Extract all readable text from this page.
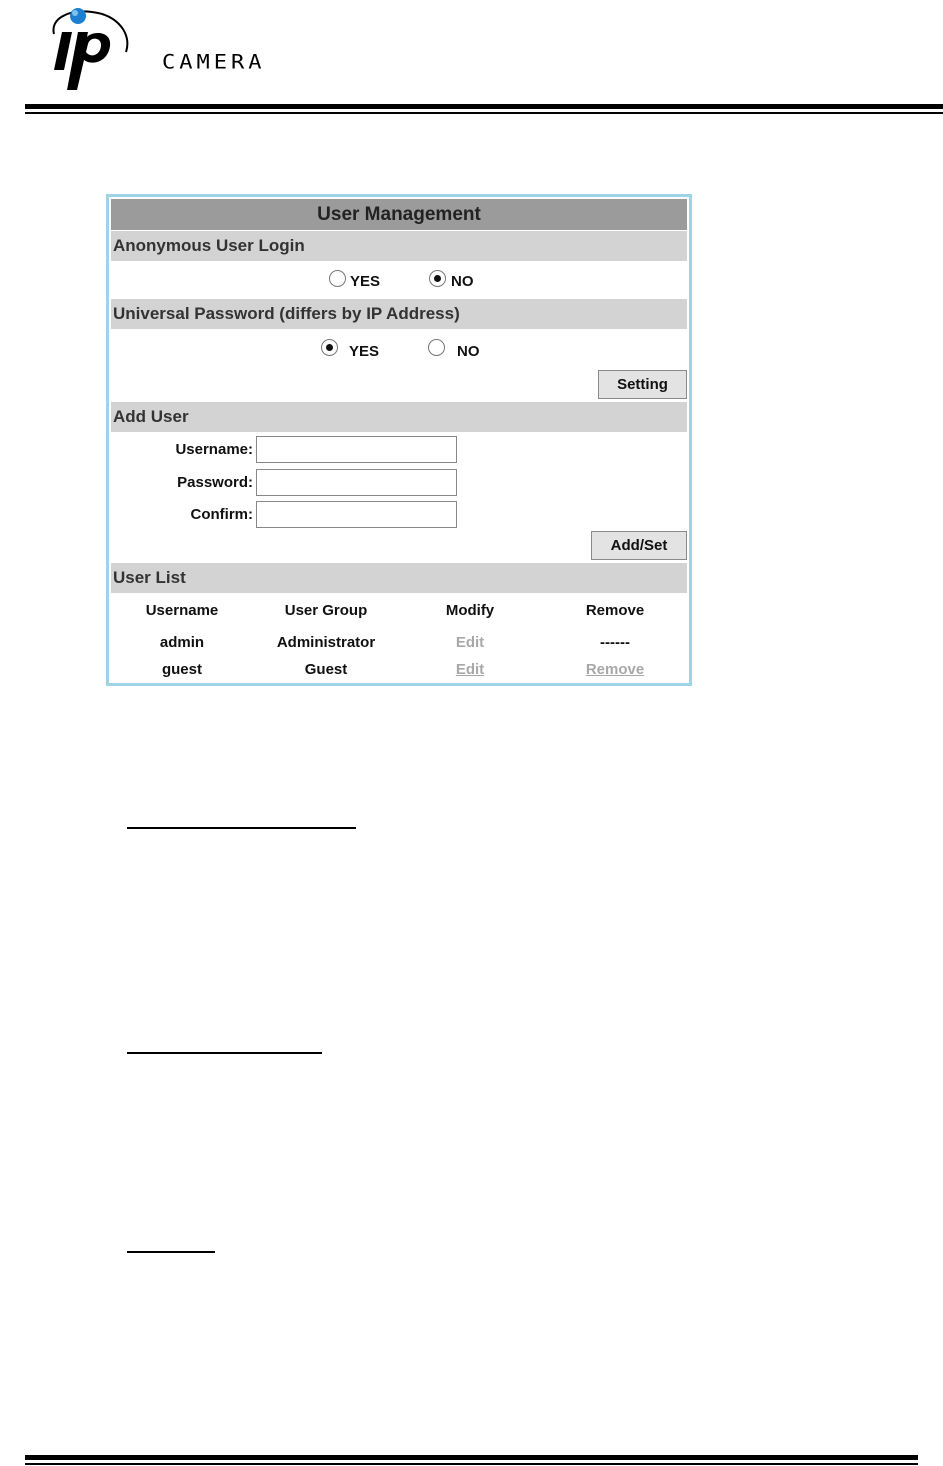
CAMERA
User Management
Anonymous User Login
YES	NO
Universal Password (differs by IP Address)
YES	NO
Setting
Add User
Username:
Password:
Confirm:
Add/Set
User List
Username	User Group	Modify	Remove
admin	Administrator	Edit	------
guest	Guest	Edit	Remove
